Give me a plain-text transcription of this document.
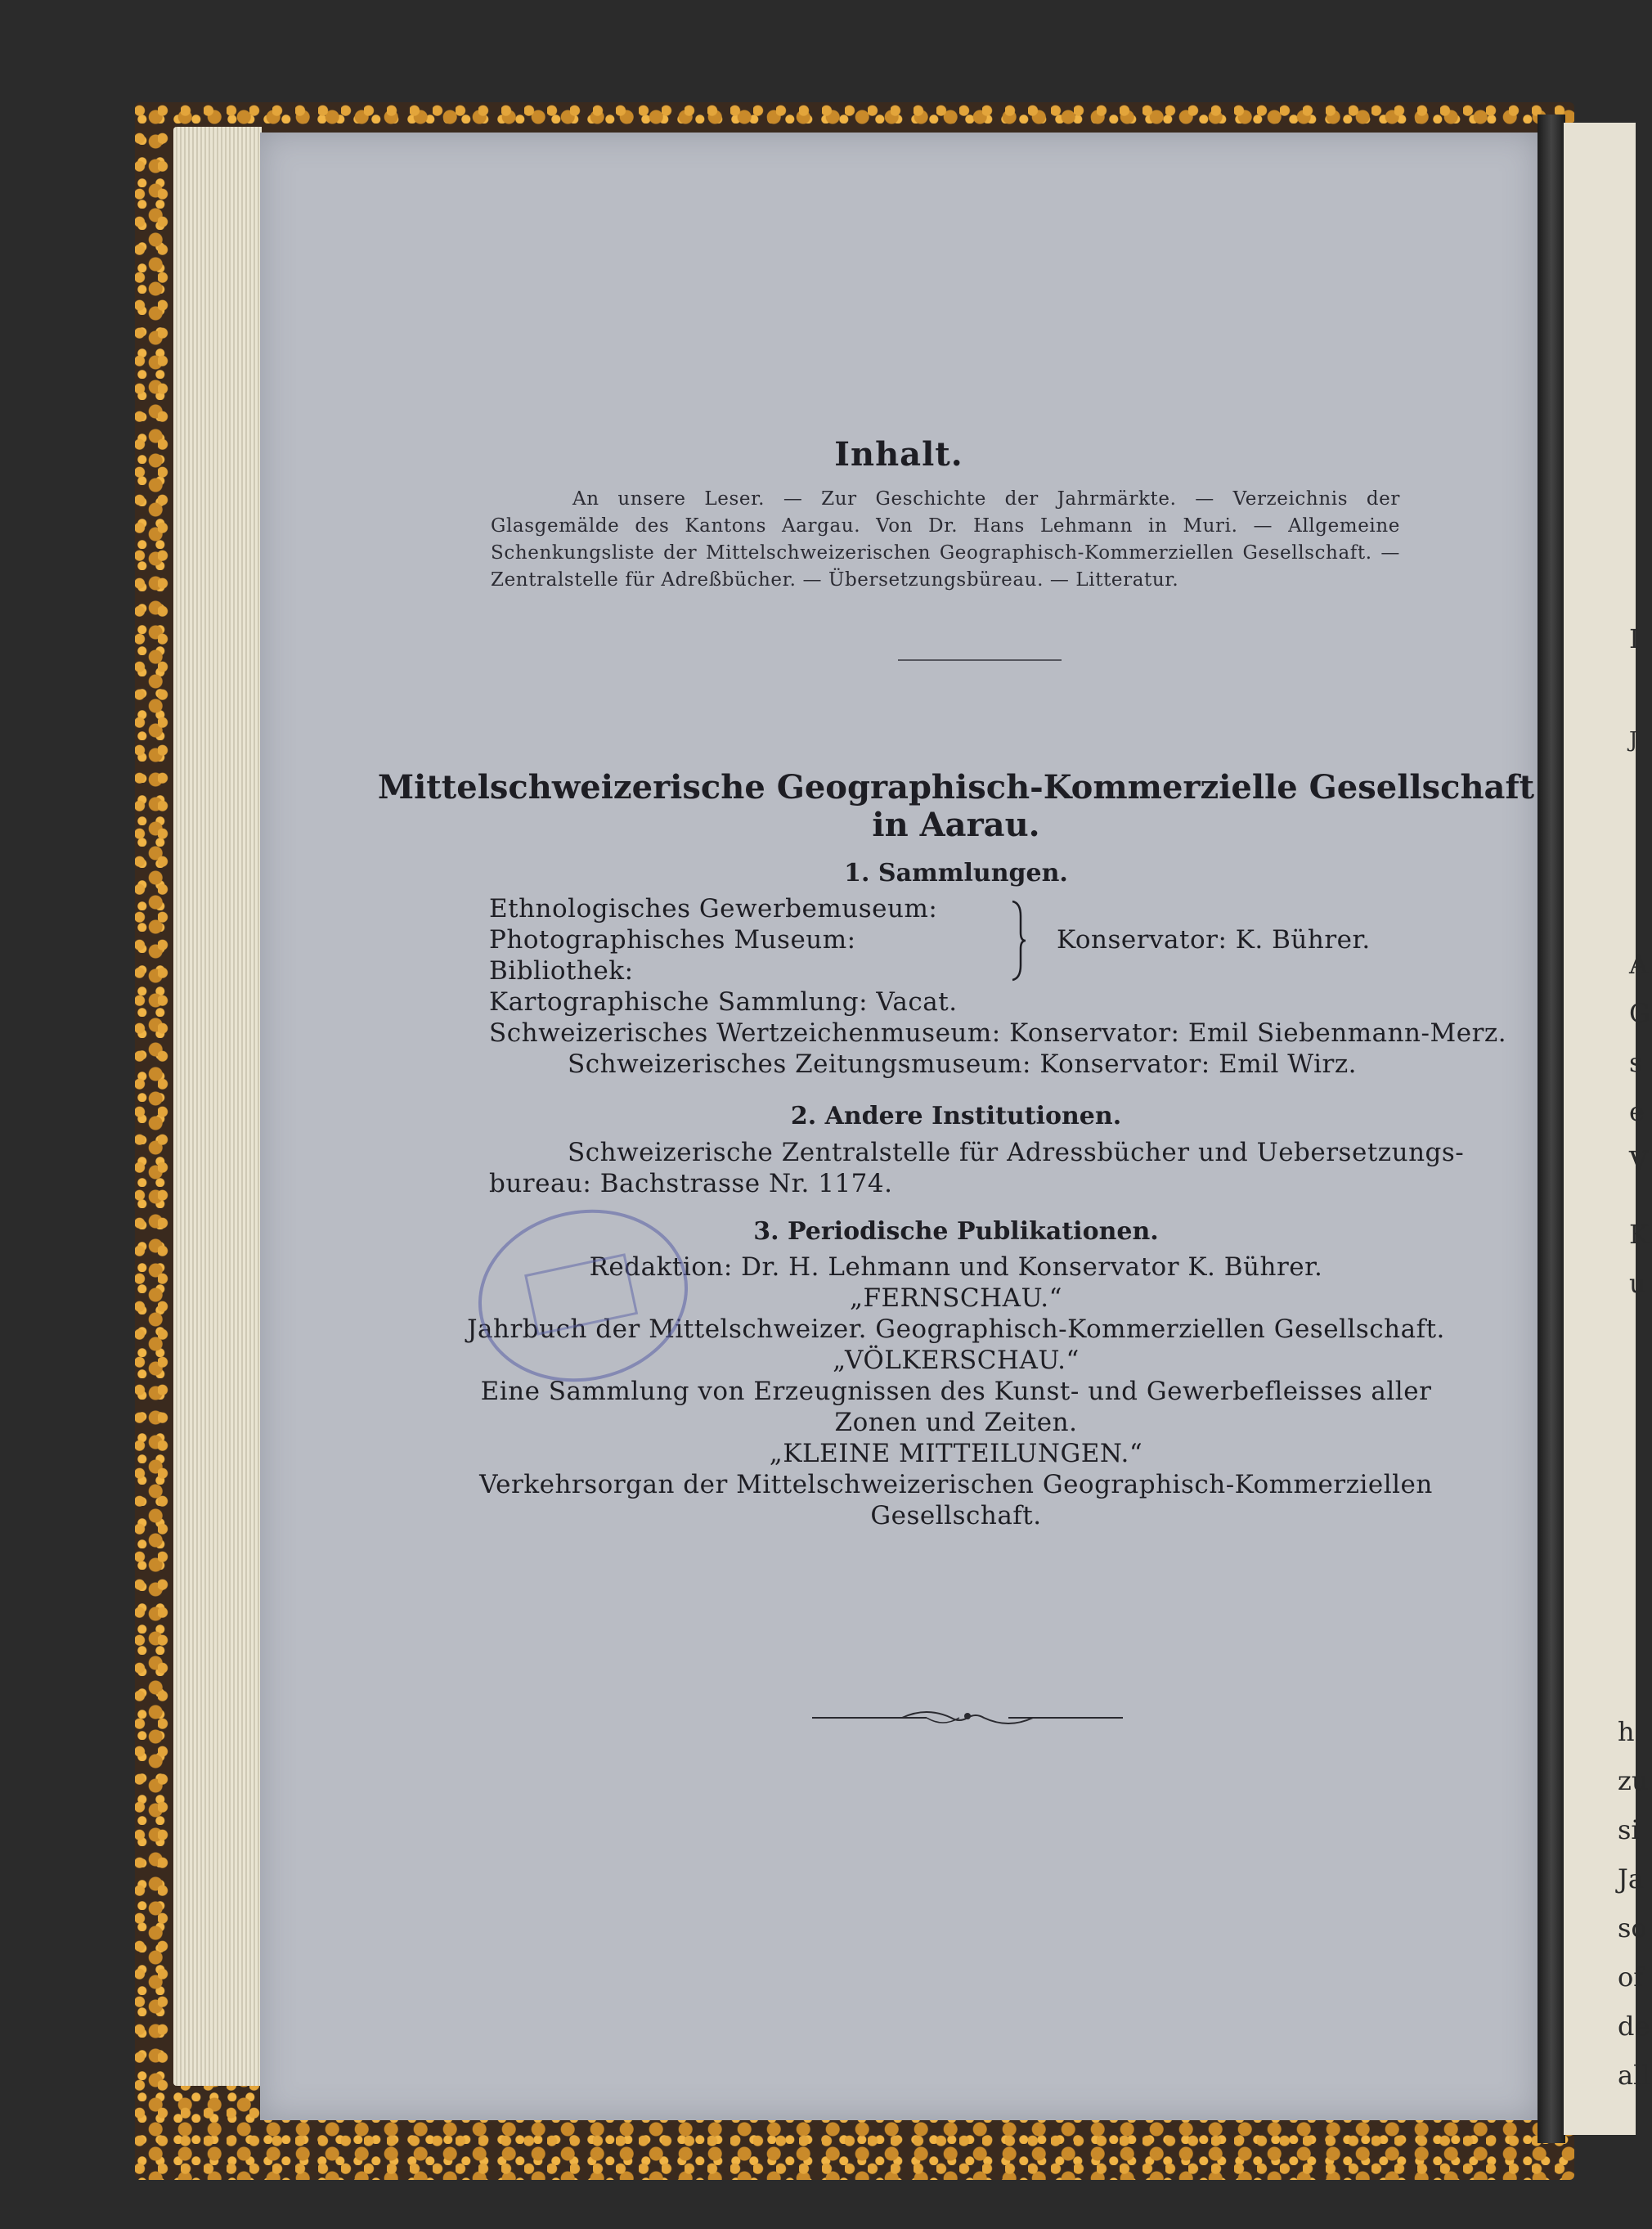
I
J
A
G
s
e
V
K
u
h
zu
si
Ja
so
of
de
all
Inhalt.
An unsere Leser. — Zur Geschichte der Jahrmärkte. — Verzeichnis der Glasgemälde des Kantons Aargau. Von Dr. Hans Lehmann in Muri. — Allgemeine Schenkungsliste der Mittelschweizerischen Geographisch-Kommerziellen Gesellschaft. — Zentralstelle für Adreßbücher. — Übersetzungsbüreau. — Litteratur.
Mittelschweizerische Geographisch-Kommerzielle Gesellschaft
in Aarau.
1. Sammlungen.
Ethnologisches Gewerbemuseum:
Photographisches Museum:
Bibliothek:
Konservator: K. Bührer.
Kartographische Sammlung: Vacat.
Schweizerisches Wertzeichenmuseum: Konservator: Emil Siebenmann-Merz.
Schweizerisches Zeitungsmuseum: Konservator: Emil Wirz.
2. Andere Institutionen.
Schweizerische Zentralstelle für Adressbücher und Uebersetzungs-
bureau: Bachstrasse Nr. 1174.
3. Periodische Publikationen.
Redaktion: Dr. H. Lehmann und Konservator K. Bührer.
„FERNSCHAU.“
Jahrbuch der Mittelschweizer. Geographisch-Kommerziellen Gesellschaft.
„VÖLKERSCHAU.“
Eine Sammlung von Erzeugnissen des Kunst- und Gewerbefleisses aller
Zonen und Zeiten.
„KLEINE MITTEILUNGEN.“
Verkehrsorgan der Mittelschweizerischen Geographisch-Kommerziellen
Gesellschaft.
